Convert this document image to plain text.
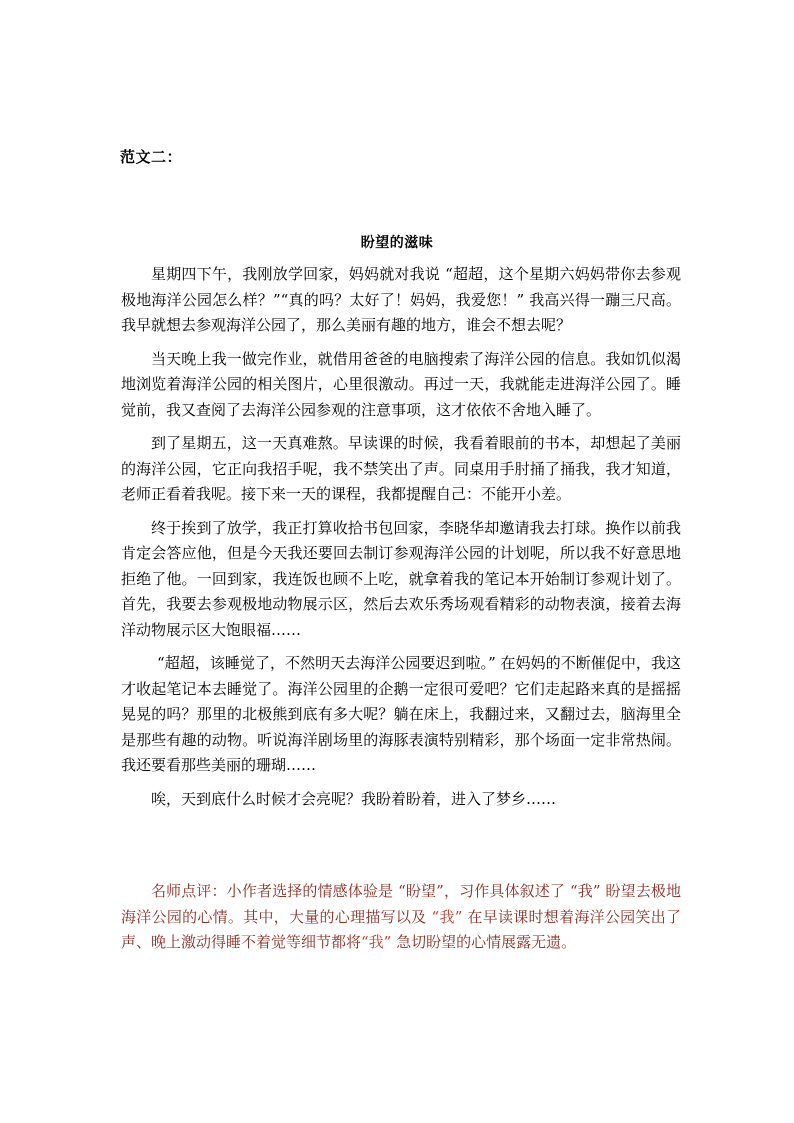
范文二：
盼望的滋味

星期四下午，我刚放学回家，妈妈就对我说 “超超，这个星期六妈妈带你去参观极地海洋公园怎么样？”“真的吗？太好了！妈妈，我爱您！” 我高兴得一蹦三尺高。我早就想去参观海洋公园了，那么美丽有趣的地方，谁会不想去呢？

当天晚上我一做完作业，就借用爸爸的电脑搜索了海洋公园的信息。我如饥似渴地浏览着海洋公园的相关图片，心里很激动。再过一天，我就能走进海洋公园了。睡觉前，我又查阅了去海洋公园参观的注意事项，这才依依不舍地入睡了。

到了星期五，这一天真难熬。早读课的时候，我看着眼前的书本，却想起了美丽的海洋公园，它正向我招手呢，我不禁笑出了声。同桌用手肘捅了捅我，我才知道，老师正看着我呢。接下来一天的课程，我都提醒自己：不能开小差。

终于挨到了放学，我正打算收拾书包回家，李晓华却邀请我去打球。换作以前我肯定会答应他，但是今天我还要回去制订参观海洋公园的计划呢，所以我不好意思地拒绝了他。一回到家，我连饭也顾不上吃，就拿着我的笔记本开始制订参观计划了。首先，我要去参观极地动物展示区，然后去欢乐秀场观看精彩的动物表演，接着去海洋动物展示区大饱眼福……

“超超，该睡觉了，不然明天去海洋公园要迟到啦。” 在妈妈的不断催促中，我这才收起笔记本去睡觉了。海洋公园里的企鹅一定很可爱吧？它们走起路来真的是摇摇晃晃的吗？那里的北极熊到底有多大呢？躺在床上，我翻过来，又翻过去，脑海里全是那些有趣的动物。听说海洋剧场里的海豚表演特别精彩，那个场面一定非常热闹。我还要看那些美丽的珊瑚……

唉，天到底什么时候才会亮呢？我盼着盼着，进入了梦乡……

名师点评：小作者选择的情感体验是 “盼望”，习作具体叙述了 “我” 盼望去极地海洋公园的心情。其中，大量的心理描写以及 “我” 在早读课时想着海洋公园笑出了声、晚上激动得睡不着觉等细节都将“我” 急切盼望的心情展露无遗。
